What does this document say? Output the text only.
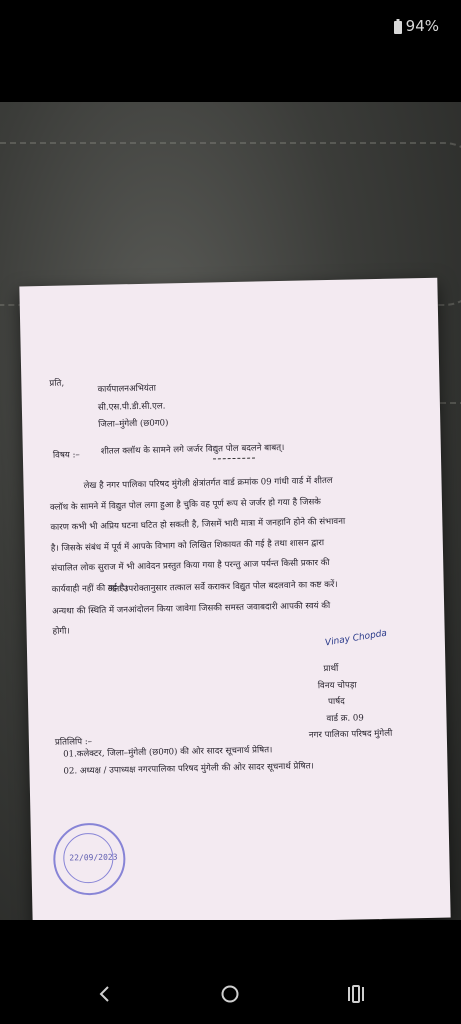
94%
प्रति,	कार्यपालनअभियंता
सी.एस.पी.डी.सी.एल.
जिला–मुंगेली (छ0ग0)
विषय :– शीतल क्लॉथ के सामने लगे जर्जर विद्युत पोल बदलने बाबत्।
लेख है नगर पालिका परिषद मुंगेली क्षेत्रांतर्गत वार्ड क्रमांक 09 गांधी वार्ड में शीतल
क्लॉथ के सामने में विद्युत पोल लगा हुआ है चुकि वह पूर्ण रूप से जर्जर हो गया है जिसके
कारण कभी भी अप्रिय घटना घटित हो सकती है, जिसमें भारी मात्रा में जनहानि होने की संभावना
है। जिसके संबंध में पूर्व में आपके विभाग को लिखित शिकायत की गई है तथा शासन द्वारा
संचालित लोक सुराज में भी आवेदन प्रस्तुत किया गया है परन्तु आज पर्यन्त किसी प्रकार की
कार्यवाही नहीं की गई है।
अतः उपरोक्तानुसार तत्काल सर्वे कराकर विद्युत पोल बदलवाने का कष्ट करें।
अन्यथा की स्थिति में जनआंदोलन किया जावेगा जिसकी समस्त जवाबदारी आपकी स्वयं की
होगी।	Vinay Chopda
प्रार्थी
विनय चोपड़ा
पार्षद
वार्ड क्र. 09
नगर पालिका परिषद मुंगेली
प्रतिलिपि :–
01.कलेक्टर, जिला–मुंगेली (छ0ग0) की ओर सादर सूचनार्थ प्रेषित।
02. अध्यक्ष / उपाध्यक्ष नगरपालिका परिषद मुंगेली की ओर सादर सूचनार्थ प्रेषित।
22/09/2023
